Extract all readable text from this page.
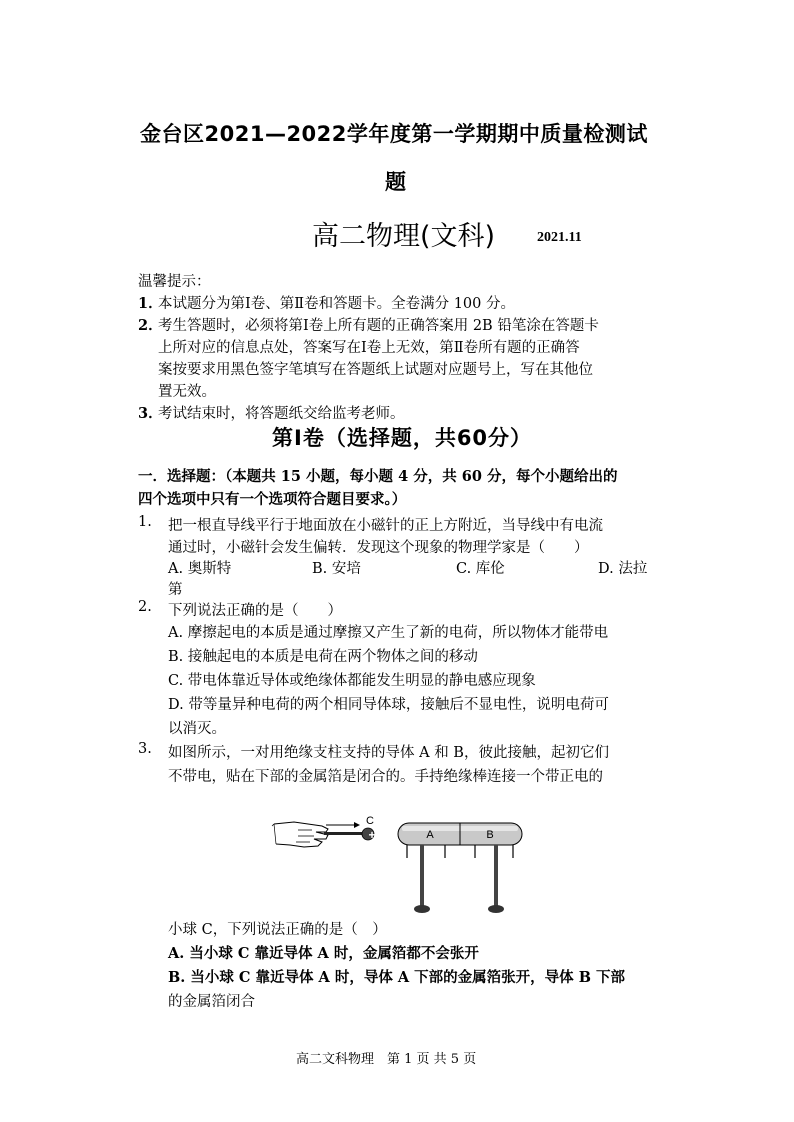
金台区2021—2022学年度第一学期期中质量检测试
题
高二物理(文科)	2021.11
温馨提示：
1．
本试题分为第Ⅰ卷、第Ⅱ卷和答题卡。全卷满分 100 分。
2．
考生答题时，必须将第Ⅰ卷上所有题的正确答案用 2B 铅笔涂在答题卡
上所对应的信息点处，答案写在Ⅰ卷上无效，第Ⅱ卷所有题的正确答
案按要求用黑色签字笔填写在答题纸上试题对应题号上，写在其他位
置无效。
3．
考试结束时，将答题纸交给监考老师。
第Ⅰ卷（选择题，共60分）
一．选择题：（本题共 15 小题，每小题 4 分，共 60 分，每个小题给出的
四个选项中只有一个选项符合题目要求。）
1. 把一根直导线平行于地面放在小磁针的正上方附近，当导线中有电流
通过时，小磁针会发生偏转．发现这个现象的物理学家是（　　）
A. 奥斯特	B. 安培	C. 库伦	D. 法拉
第
2. 下列说法正确的是（　　）
A. 摩擦起电的本质是通过摩擦又产生了新的电荷，所以物体才能带电
B. 接触起电的本质是电荷在两个物体之间的移动
C. 带电体靠近导体或绝缘体都能发生明显的静电感应现象
D. 带等量异种电荷的两个相同导体球，接触后不显电性，说明电荷可
以消灭。
3. 如图所示，一对用绝缘支柱支持的导体 A 和 B，彼此接触，起初它们
不带电，贴在下部的金属箔是闭合的。手持绝缘棒连接一个带正电的
C
+	A	B
小球 C，下列说法正确的是（　）
A. 当小球 C 靠近导体 A 时，金属箔都不会张开
B. 当小球 C 靠近导体 A 时，导体 A 下部的金属箔张开，导体 B 下部
的金属箔闭合
高二文科物理　第 1 页 共 5 页
